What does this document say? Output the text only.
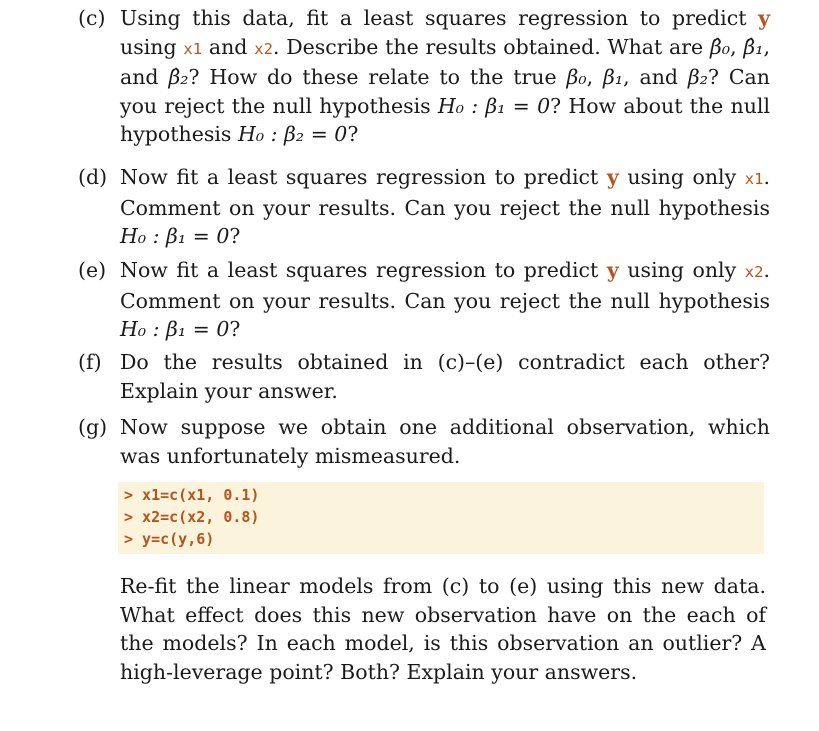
(c) Using this data, fit a least squares regression to predict y using x1 and x2. Describe the results obtained. What are β̂₀, β̂₁, and β̂₂? How do these relate to the true β₀, β₁, and β₂? Can you reject the null hypothesis H₀ : β₁ = 0? How about the null hypothesis H₀ : β₂ = 0?
(d) Now fit a least squares regression to predict y using only x1. Comment on your results. Can you reject the null hypothesis H₀ : β₁ = 0?
(e) Now fit a least squares regression to predict y using only x2. Comment on your results. Can you reject the null hypothesis H₀ : β₁ = 0?
(f) Do the results obtained in (c)–(e) contradict each other? Explain your answer.
(g) Now suppose we obtain one additional observation, which was unfortunately mismeasured.
> x1=c(x1, 0.1)
> x2=c(x2, 0.8)
> y=c(y,6)
Re-fit the linear models from (c) to (e) using this new data. What effect does this new observation have on the each of the models? In each model, is this observation an outlier? A high-leverage point? Both? Explain your answers.
